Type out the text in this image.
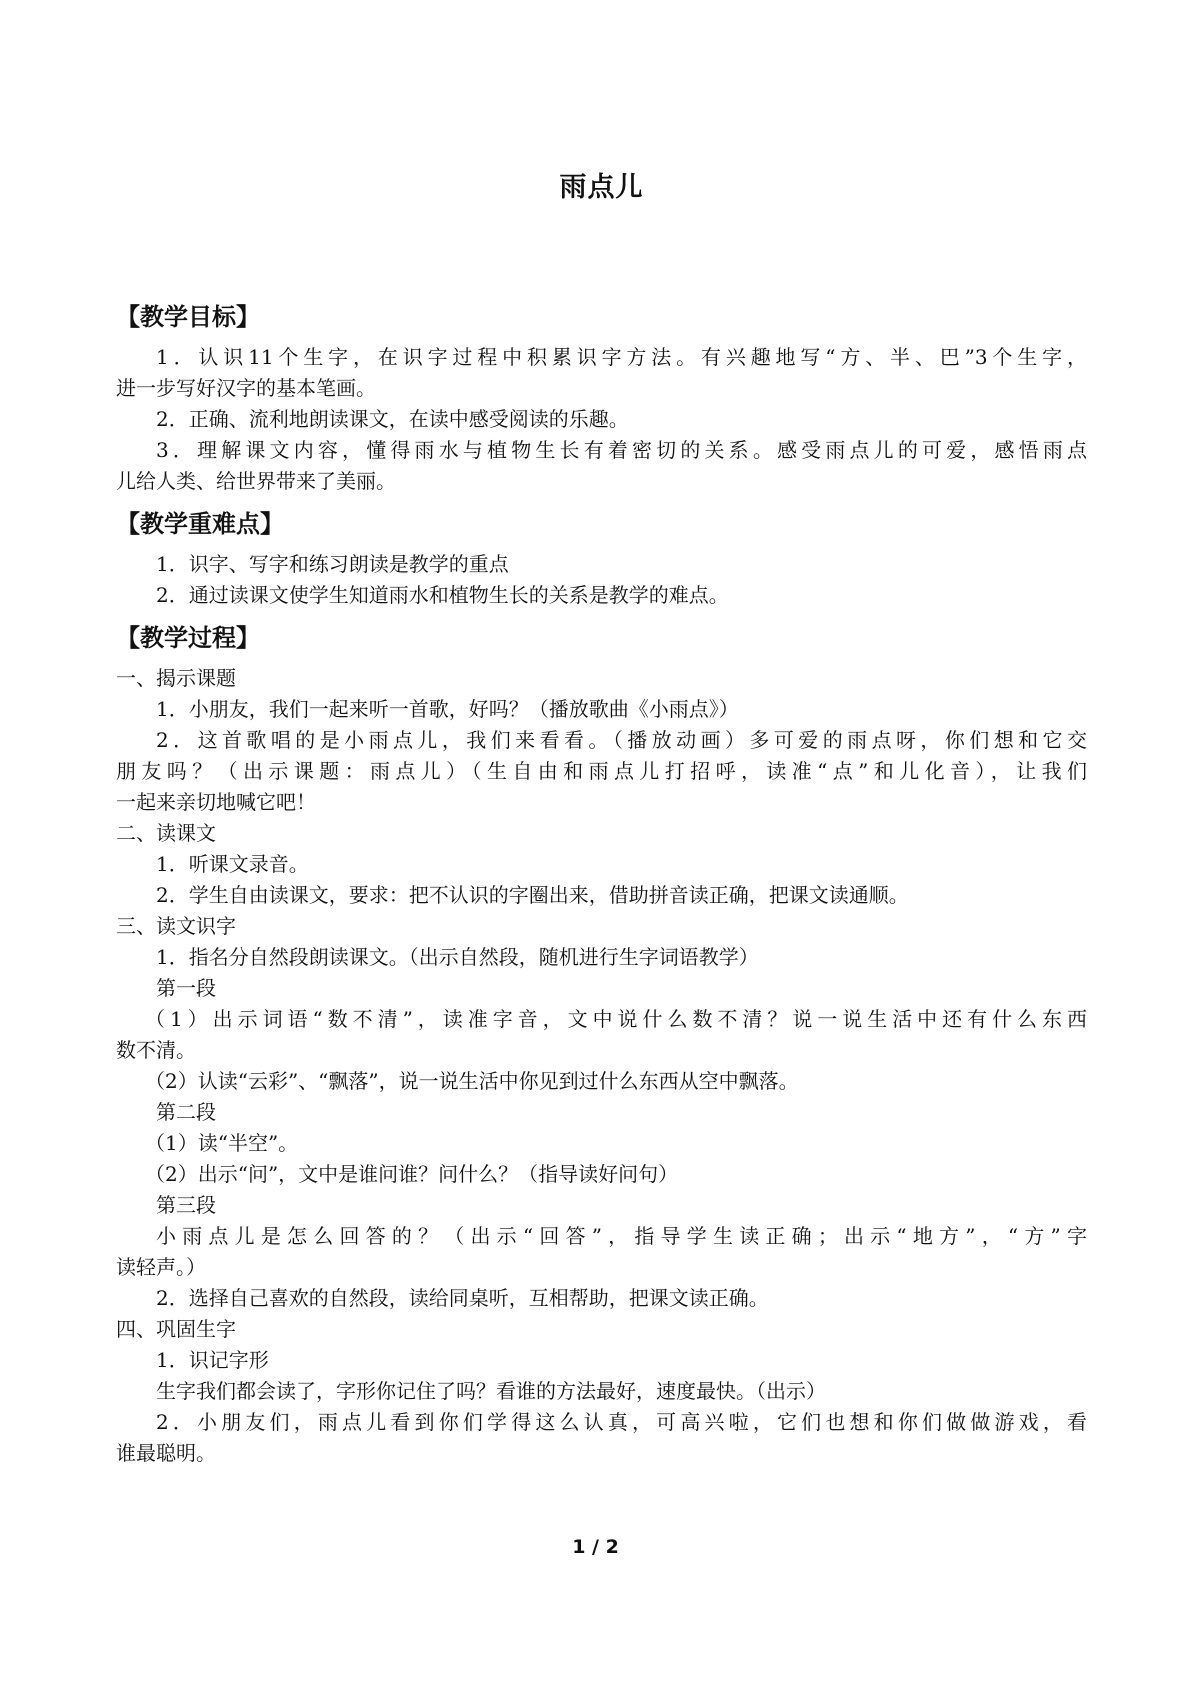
雨点儿
【教学目标】
1．认识11个生字，在识字过程中积累识字方法。有兴趣地写“方、半、巴”3个生字，
进一步写好汉字的基本笔画。
2．正确、流利地朗读课文，在读中感受阅读的乐趣。
3．理解课文内容，懂得雨水与植物生长有着密切的关系。感受雨点儿的可爱，感悟雨点
儿给人类、给世界带来了美丽。
【教学重难点】
1．识字、写字和练习朗读是教学的重点
2．通过读课文使学生知道雨水和植物生长的关系是教学的难点。
【教学过程】
一、揭示课题
1．小朋友，我们一起来听一首歌，好吗？（播放歌曲《小雨点》）
2．这首歌唱的是小雨点儿，我们来看看。（播放动画）多可爱的雨点呀，你们想和它交
朋友吗？（出示课题：雨点儿）（生自由和雨点儿打招呼，读准“点”和儿化音），让我们
一起来亲切地喊它吧！
二、读课文
1．听课文录音。
2．学生自由读课文，要求：把不认识的字圈出来，借助拼音读正确，把课文读通顺。
三、读文识字
1．指名分自然段朗读课文。（出示自然段，随机进行生字词语教学）
第一段
（1）出示词语“数不清”，读准字音，文中说什么数不清？说一说生活中还有什么东西
数不清。
（2）认读“云彩”、“飘落”，说一说生活中你见到过什么东西从空中飘落。
第二段
（1）读“半空”。
（2）出示“问”，文中是谁问谁？问什么？（指导读好问句）
第三段
小雨点儿是怎么回答的？（出示“回答”，指导学生读正确；出示“地方”，“方”字
读轻声。）
2．选择自己喜欢的自然段，读给同桌听，互相帮助，把课文读正确。
四、巩固生字
1．识记字形
生字我们都会读了，字形你记住了吗？看谁的方法最好，速度最快。（出示）
2．小朋友们，雨点儿看到你们学得这么认真，可高兴啦，它们也想和你们做做游戏，看
谁最聪明。
1 / 2
